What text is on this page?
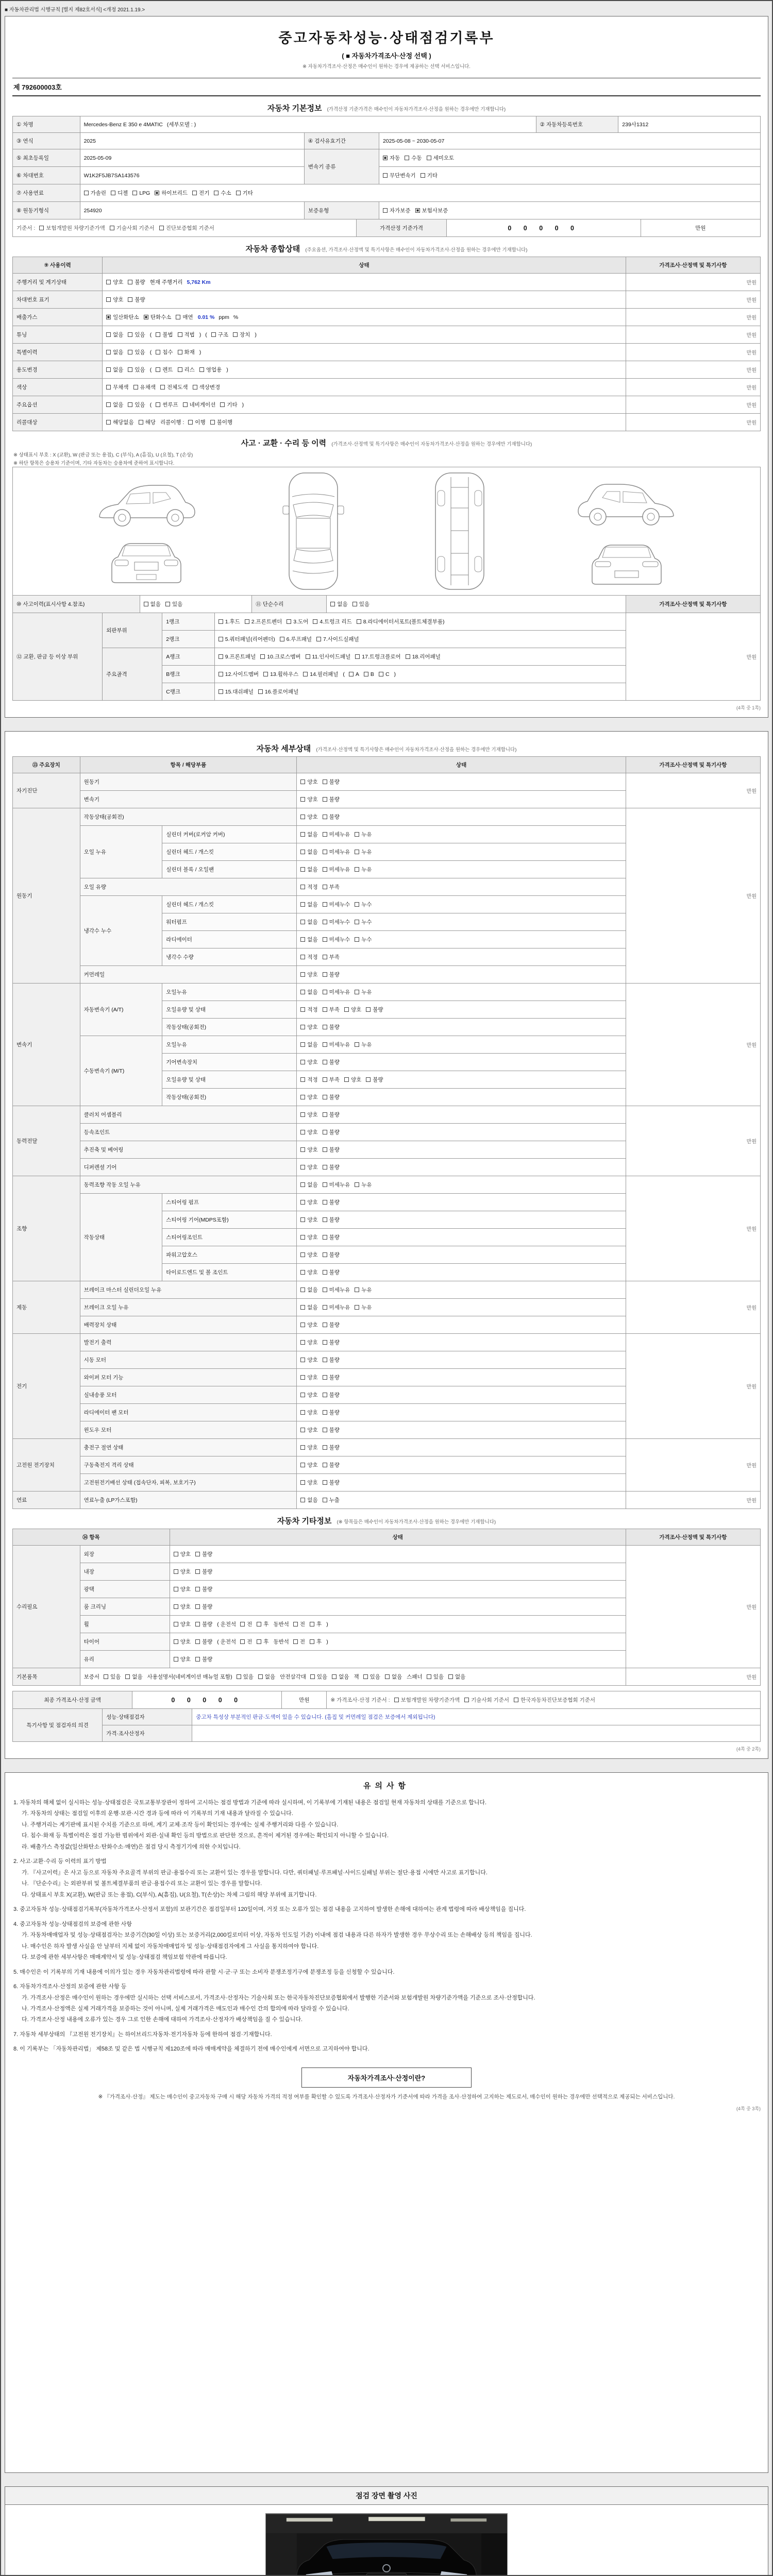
■ 자동차관리법 시행규칙 [별지 제82호서식] <개정 2021.1.19.>
중고자동차성능·상태점검기록부
( ■ 자동차가격조사·산정 선택 )
※ 자동차가격조사·산정은 매수인이 원하는 경우에 제공하는 선택 서비스입니다.
제 792600003호
자동차 기본정보 (가격산정 기준가격은 매수인이 자동차가격조사·산정을 원하는 경우에만 기재합니다)
① 차명	Mercedes-Benz E 350 e 4MATIC (세부모델 : )			② 자동차등록번호	239사1312
③ 연식	2025	④ 검사유효기간	2025-05-08 ~ 2030-05-07		
⑤ 최초등록일	2025-05-09	변속기 종류	자동 수동 세미오토		

⑥ 차대번호	W1K2F5JB7SA143576		무단변속기 기타		

⑦ 사용연료	가솔린 디젤 LPG 하이브리드 전기 수소 기타

⑧ 원동기형식	254920	보증유형	자가보증 보험사보증		
기준서 : 보험개발원 차량기준가액 기술사회 기준서 진단보증협회 기준서	가격산정 기준가격	0 0 0 0 0	만원
자동차 종합상태 (주요옵션, 가격조사·산정액 및 특기사항은 매수인이 자동차가격조사·산정을 원하는 경우에만 기재합니다)
⑨ 사용이력	상태	가격조사·산정액 및 특기사항
주행거리 및 계기상태	양호 불량 현재 주행거리 5,762 Km	만원
차대번호 표기	양호 불량	만원
배출가스	일산화탄소 탄화수소 매연 0.01 % ppm %	만원
튜닝	없음 있음 ( 불법 적법 ) ( 구조 장치 )	만원
특별이력	없음 있음 ( 침수 화재 )	만원
용도변경	없음 있음 ( 렌트 리스 영업용 )	만원
색상	무채색 유채색 전체도색 색상변경	만원
주요옵션	없음 있음 ( 썬루프 네비게이션 기타 )	만원
리콜대상	해당없음 해당 리콜이행 : 이행 불이행	만원
사고 · 교환 · 수리 등 이력 (가격조사·산정액 및 특기사항은 매수인이 자동차가격조사·산정을 원하는 경우에만 기재합니다)
※ 상태표시 부호 : X (교환), W (판금 또는 용접), C (부식), A (흠집), U (요철), T (손상)
※ 하단 항목은 승용차 기준이며, 기타 자동차는 승용차에 준하여 표시합니다.
⑩ 사고이력(표시사항 4.참조)	없음 있음	⑪ 단순수리	없음 있음	가격조사·산정액 및 특기사항
⑫ 교환, 판금 등 이상 부위	외판부위	1랭크	1.후드 2.프론트펜더 3.도어 4.트렁크 리드 8.라디에이터서포트(볼트체결부품)	만원
		2랭크	5.쿼터패널(리어펜더) 6.루프패널 7.사이드실패널	

	주요골격	A랭크	9.프론트패널 10.크로스멤버 11.인사이드패널 17.트렁크플로어 18.리어패널	

B랭크	12.사이드멤버 13.휠하우스 14.필러패널 ( A B C )
		C랭크	15.대쉬패널 16.플로어패널	
(4쪽 중 1쪽)
자동차 세부상태 (가격조사·산정액 및 특기사항은 매수인이 자동차가격조사·산정을 원하는 경우에만 기재합니다)
⑬ 주요장치	항목 / 해당부품		상태	가격조사·산정액 및 특기사항
자기진단	원동기		양호 불량	만원
	변속기		양호 불량	

원동기	작동상태(공회전)		양호 불량	만원
	오일 누유	실린더 커버(로커암 커버)	없음 미세누유 누유	

		실린더 헤드 / 개스킷	없음 미세누유 누유	

		실린더 블록 / 오일팬	없음 미세누유 누유	

	오일 유량		적정 부족	

	냉각수 누수	실린더 헤드 / 개스킷	없음 미세누수 누수	

		워터펌프	없음 미세누수 누수	

		라디에이터	없음 미세누수 누수	

		냉각수 수량	적정 부족	

	커먼레일		양호 불량	

변속기	자동변속기 (A/T)	오일누유	없음 미세누유 누유	만원
		오일유량 및 상태	적정 부족 양호 불량	

		작동상태(공회전)	양호 불량	

	수동변속기 (M/T)	오일누유	없음 미세누유 누유	

		기어변속장치	양호 불량	

		오일유량 및 상태	적정 부족 양호 불량	

		작동상태(공회전)	양호 불량	

동력전달	클러치 어셈블리		양호 불량	만원
	등속조인트		양호 불량	

	추진축 및 베어링		양호 불량	

	디퍼렌셜 기어		양호 불량	

조향	동력조향 작동 오일 누유		없음 미세누유 누유	만원
	작동상태	스티어링 펌프	양호 불량	

		스티어링 기어(MDPS포함)	양호 불량	

		스티어링조인트	양호 불량	

		파워고압호스	양호 불량	

		타이로드엔드 및 볼 조인트	양호 불량	

제동	브레이크 마스터 실린더오일 누유		없음 미세누유 누유	만원
	브레이크 오일 누유		없음 미세누유 누유	

	배력장치 상태		양호 불량	

전기	발전기 출력		양호 불량	만원
	시동 모터		양호 불량	

	와이퍼 모터 기능		양호 불량	

	실내송풍 모터		양호 불량	

	라디에이터 팬 모터		양호 불량	

	윈도우 모터		양호 불량	

고전원 전기장치	충전구 절연 상태		양호 불량	만원
	구동축전지 격리 상태		양호 불량	

	고전원전기배선 상태 (접속단자, 피복, 보호기구)		양호 불량	

연료	연료누출 (LP가스포함)		없음 누출	만원
자동차 기타정보 (※ 항목들은 매수인이 자동차가격조사·산정을 원하는 경우에만 기재합니다)
⑭ 항목		상태	가격조사·산정액 및 특기사항
수리필요	외장	양호 불량	만원
	내장	양호 불량	

	광택	양호 불량	

	룸 크리닝	양호 불량	

휠	양호 불량 ( 운전석 전 후 동반석 전 후 )
타이어	양호 불량 ( 운전석 전 후 동반석 전 후 )
	유리	양호 불량	

기본품목	보증서 있음 없음 사용설명서(네비게이션 매뉴얼 포함) 있음 없음 안전삼각대 있음 없음 잭 있음 없음 스패너 있음 없음	만원
최종 가격조사·산정 금액	0 0 0 0 0	만원	※ 가격조사·산정 기준서 : 보험개발원 차량기준가액 기술사회 기준서 한국자동차진단보증협회 기준서
특기사항 및 점검자의 의견	성능·상태점검자	중고차 특성상 부분적인 판금·도색이 있을 수 있습니다. (흠집 및 커먼레일 점검은 보증에서 제외됩니다)
	가격·조사산정자	
(4쪽 중 2쪽)
유의사항
1. 자동차의 해체 없이 실시하는 성능·상태점검은 국토교통부장관이 정하여 고시하는 점검 방법과 기준에 따라 실시하며, 이 기록부에 기재된 내용은 점검일 현재 자동차의 상태를 기준으로 합니다.
가. 자동차의 상태는 점검일 이후의 운행·보관·시간 경과 등에 따라 이 기록부의 기재 내용과 달라질 수 있습니다.
나. 주행거리는 계기판에 표시된 수치를 기준으로 하며, 계기 교체·조작 등이 확인되는 경우에는 실제 주행거리와 다를 수 있습니다.
다. 침수·화재 등 특별이력은 점검 가능한 범위에서 외관·실내 확인 등의 방법으로 판단한 것으로, 흔적이 제거된 경우에는 확인되지 아니할 수 있습니다.
라. 배출가스 측정값(일산화탄소·탄화수소·매연)은 점검 당시 측정기기에 의한 수치입니다.
2. 사고·교환·수리 등 이력의 표기 방법
가. 『사고이력』은 사고 등으로 자동차 주요골격 부위의 판금·용접수리 또는 교환이 있는 경우를 말합니다. 다만, 쿼터패널·루프패널·사이드실패널 부위는 절단·용접 시에만 사고로 표기합니다.
나. 『단순수리』는 외판부위 및 볼트체결부품의 판금·용접수리 또는 교환이 있는 경우를 말합니다.
다. 상태표시 부호 X(교환), W(판금 또는 용접), C(부식), A(흠집), U(요철), T(손상)는 차체 그림의 해당 부위에 표기합니다.
3. 중고자동차 성능·상태점검기록부(자동차가격조사·산정서 포함)의 보관기간은 점검일부터 120일이며, 거짓 또는 오류가 있는 점검 내용을 고지하여 발생한 손해에 대하여는 관계 법령에 따라 배상책임을 집니다.
4. 중고자동차 성능·상태점검의 보증에 관한 사항
가. 자동차매매업자 및 성능·상태점검자는 보증기간(30일 이상) 또는 보증거리(2,000킬로미터 이상, 자동차 인도일 기준) 이내에 점검 내용과 다른 하자가 발생한 경우 무상수리 또는 손해배상 등의 책임을 집니다.
나. 매수인은 하자 발생 사실을 안 날부터 지체 없이 자동차매매업자 및 성능·상태점검자에게 그 사실을 통지하여야 합니다.
다. 보증에 관한 세부사항은 매매계약서 및 성능·상태점검 책임보험 약관에 따릅니다.
5. 매수인은 이 기록부의 기재 내용에 이의가 있는 경우 자동차관리법령에 따라 관할 시·군·구 또는 소비자 분쟁조정기구에 분쟁조정 등을 신청할 수 있습니다.
6. 자동차가격조사·산정의 보증에 관한 사항 등
가. 가격조사·산정은 매수인이 원하는 경우에만 실시하는 선택 서비스로서, 가격조사·산정자는 기술사회 또는 한국자동차진단보증협회에서 발행한 기준서와 보험개발원 차량기준가액을 기준으로 조사·산정합니다.
나. 가격조사·산정액은 실제 거래가격을 보증하는 것이 아니며, 실제 거래가격은 매도인과 매수인 간의 합의에 따라 달라질 수 있습니다.
다. 가격조사·산정 내용에 오류가 있는 경우 그로 인한 손해에 대하여 가격조사·산정자가 배상책임을 질 수 있습니다.
7. 자동차 세부상태의 『고전원 전기장치』는 하이브리드자동차·전기자동차 등에 한하여 점검·기재합니다.
8. 이 기록부는 「자동차관리법」 제58조 및 같은 법 시행규칙 제120조에 따라 매매계약을 체결하기 전에 매수인에게 서면으로 고지하여야 합니다.
자동차가격조사·산정이란?
※ 『가격조사·산정』 제도는 매수인이 중고자동차 구매 시 해당 자동차 가격의 적정 여부를 확인할 수 있도록 가격조사·산정자가 기준서에 따라 가격을 조사·산정하여 고지하는 제도로서, 매수인이 원하는 경우에만 선택적으로 제공되는 서비스입니다.
(4쪽 중 3쪽)
점검 장면 촬영 사진
